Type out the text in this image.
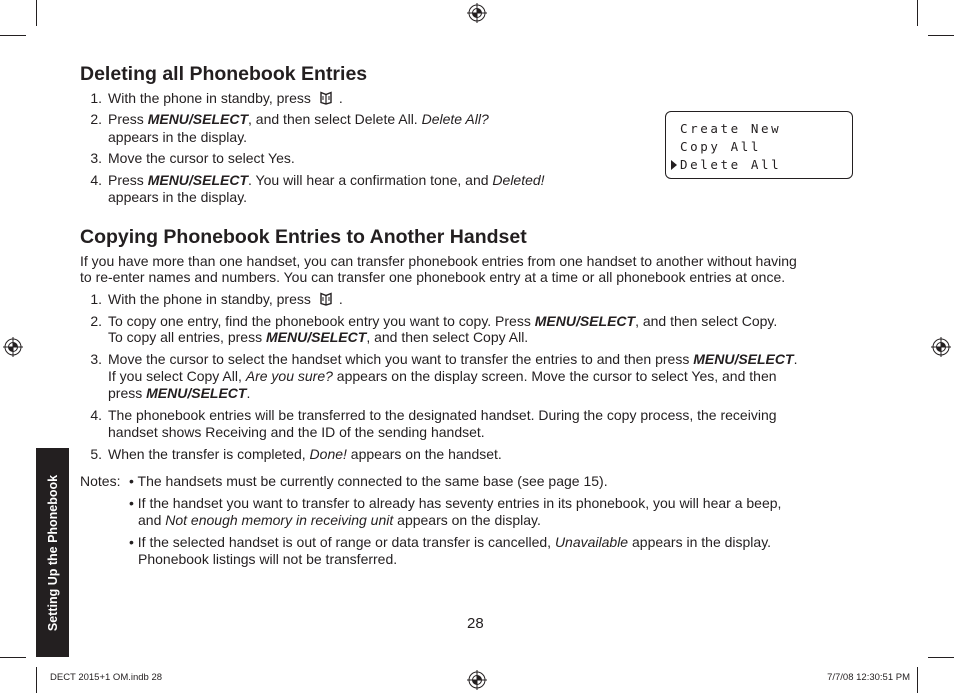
Deleting all Phonebook Entries
1. With the phone in standby, press .
2. Press MENU/SELECT, and then select Delete All. Delete All?
appears in the display.
3. Move the cursor to select Yes.
4. Press MENU/SELECT. You will hear a confirmation tone, and Deleted!
appears in the display.
Create New
Copy All
Delete All
Copying Phonebook Entries to Another Handset
If you have more than one handset, you can transfer phonebook entries from one handset to another without having
to re-enter names and numbers. You can transfer one phonebook entry at a time or all phonebook entries at once.
1. With the phone in standby, press .
2. To copy one entry, find the phonebook entry you want to copy. Press MENU/SELECT, and then select Copy.
To copy all entries, press MENU/SELECT, and then select Copy All.
3. Move the cursor to select the handset which you want to transfer the entries to and then press MENU/SELECT.
If you select Copy All, Are you sure? appears on the display screen. Move the cursor to select Yes, and then
press MENU/SELECT.
4. The phonebook entries will be transferred to the designated handset. During the copy process, the receiving
handset shows Receiving and the ID of the sending handset.
5. When the transfer is completed, Done! appears on the handset.
Notes: • The handsets must be currently connected to the same base (see page 15).
• If the handset you want to transfer to already has seventy entries in its phonebook, you will hear a beep,
and Not enough memory in receiving unit appears on the display.
• If the selected handset is out of range or data transfer is cancelled, Unavailable appears in the display.
Phonebook listings will not be transferred.
28
Setting Up the Phonebook
DECT 2015+1 OM.indb 28	7/7/08 12:30:51 PM
